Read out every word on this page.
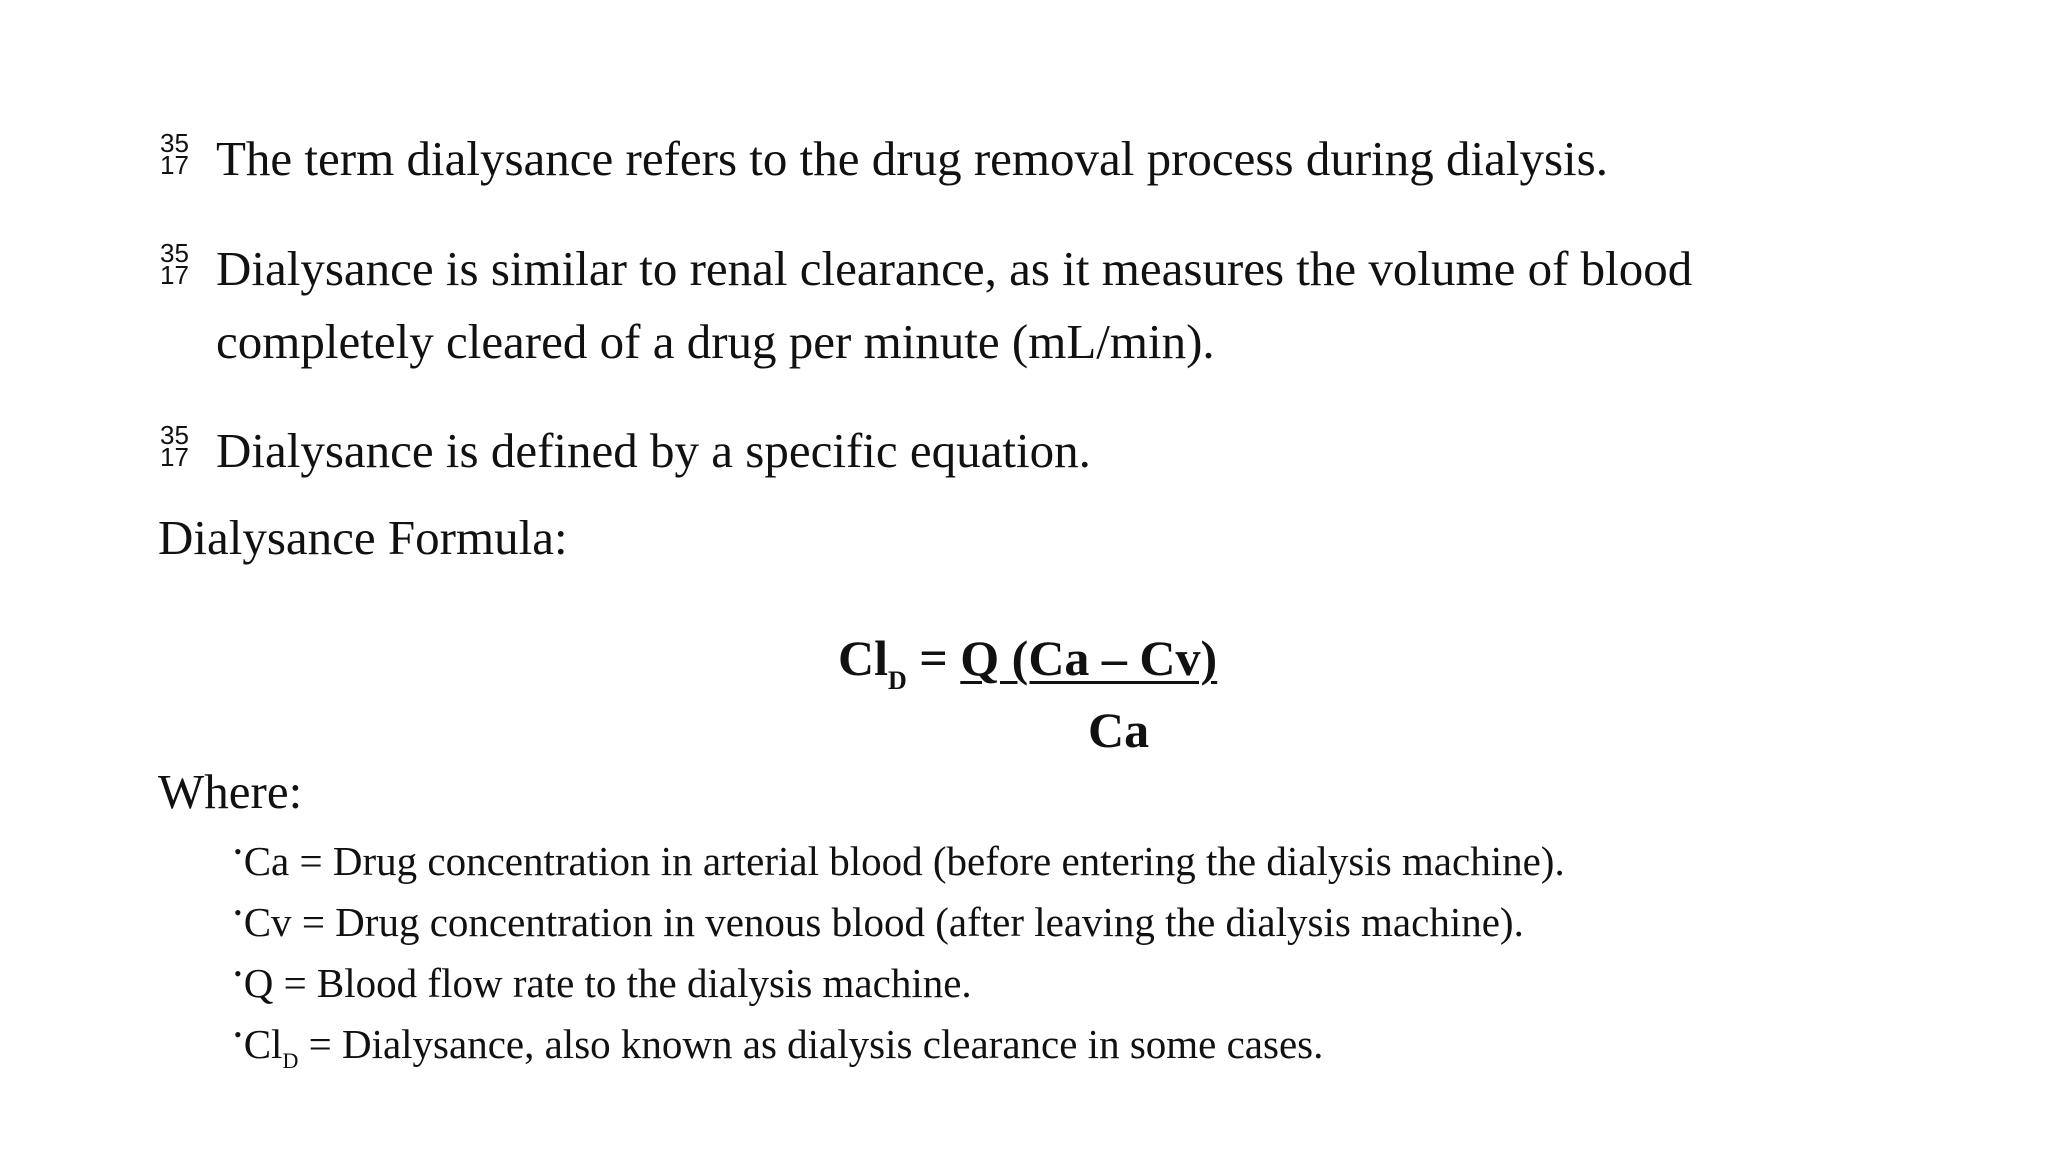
35
17 The term dialysance refers to the drug removal process during dialysis.
35
17 Dialysance is similar to renal clearance, as it measures the volume of blood
completely cleared of a drug per minute (mL/min).
35
17 Dialysance is defined by a specific equation.
Dialysance Formula:
$Cl_D = Q$ (Ca – Cv)
Ca
Where:
•Ca = Drug concentration in arterial blood (before entering the dialysis machine).
•Cv = Drug concentration in venous blood (after leaving the dialysis machine).
•Q = Blood flow rate to the dialysis machine.
$^•Cl_D$ = Dialysance, also known as dialysis clearance in some cases.
